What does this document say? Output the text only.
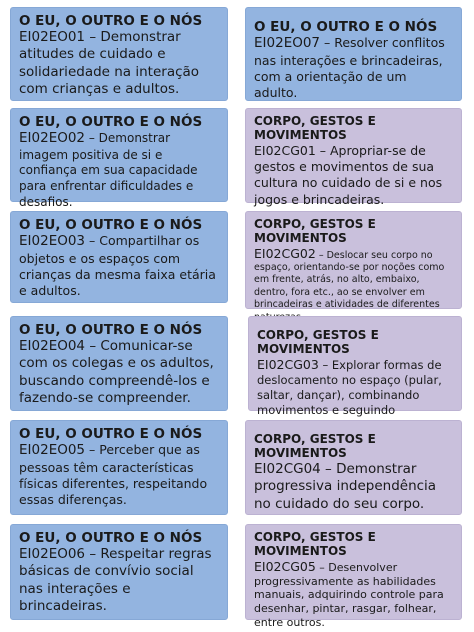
O EU, O OUTRO E O NÓS
EI02EO01 – Demonstrar atitudes de cuidado e solidariedade na interação com crianças e adultos.
O EU, O OUTRO E O NÓS
EI02EO02 – Demonstrar imagem positiva de si e confiança em sua capacidade para enfrentar dificuldades e desafios.
O EU, O OUTRO E O NÓS
EI02EO03 – Compartilhar os objetos e os espaços com crianças da mesma faixa etária e adultos.
O EU, O OUTRO E O NÓS
EI02EO04 – Comunicar-se com os colegas e os adultos, buscando compreendê-los e fazendo-se compreender.
O EU, O OUTRO E O NÓS
EI02EO05 – Perceber que as pessoas têm características físicas diferentes, respeitando essas diferenças.
O EU, O OUTRO E O NÓS
EI02EO06 – Respeitar regras básicas de convívio social nas interações e brincadeiras.
O EU, O OUTRO E O NÓS
EI02EO07 – Resolver conflitos nas interações e brincadeiras, com a orientação de um adulto.
CORPO, GESTOS E MOVIMENTOS
EI02CG01 – Apropriar-se de gestos e movimentos de sua cultura no cuidado de si e nos jogos e brincadeiras.
CORPO, GESTOS E MOVIMENTOS
EI02CG02 – Deslocar seu corpo no espaço, orientando-se por noções como em frente, atrás, no alto, embaixo, dentro, fora etc., ao se envolver em brincadeiras e atividades de diferentes
CORPO, GESTOS E MOVIMENTOS
EI02CG03 – Explorar formas de deslocamento no espaço (pular, saltar, dançar), combinando movimentos e seguindo
CORPO, GESTOS E MOVIMENTOS
EI02CG04 – Demonstrar progressiva independência no cuidado do seu corpo.
CORPO, GESTOS E MOVIMENTOS
EI02CG05 – Desenvolver progressivamente as habilidades manuais, adquirindo controle para desenhar, pintar, rasgar, folhear, entre outros.
